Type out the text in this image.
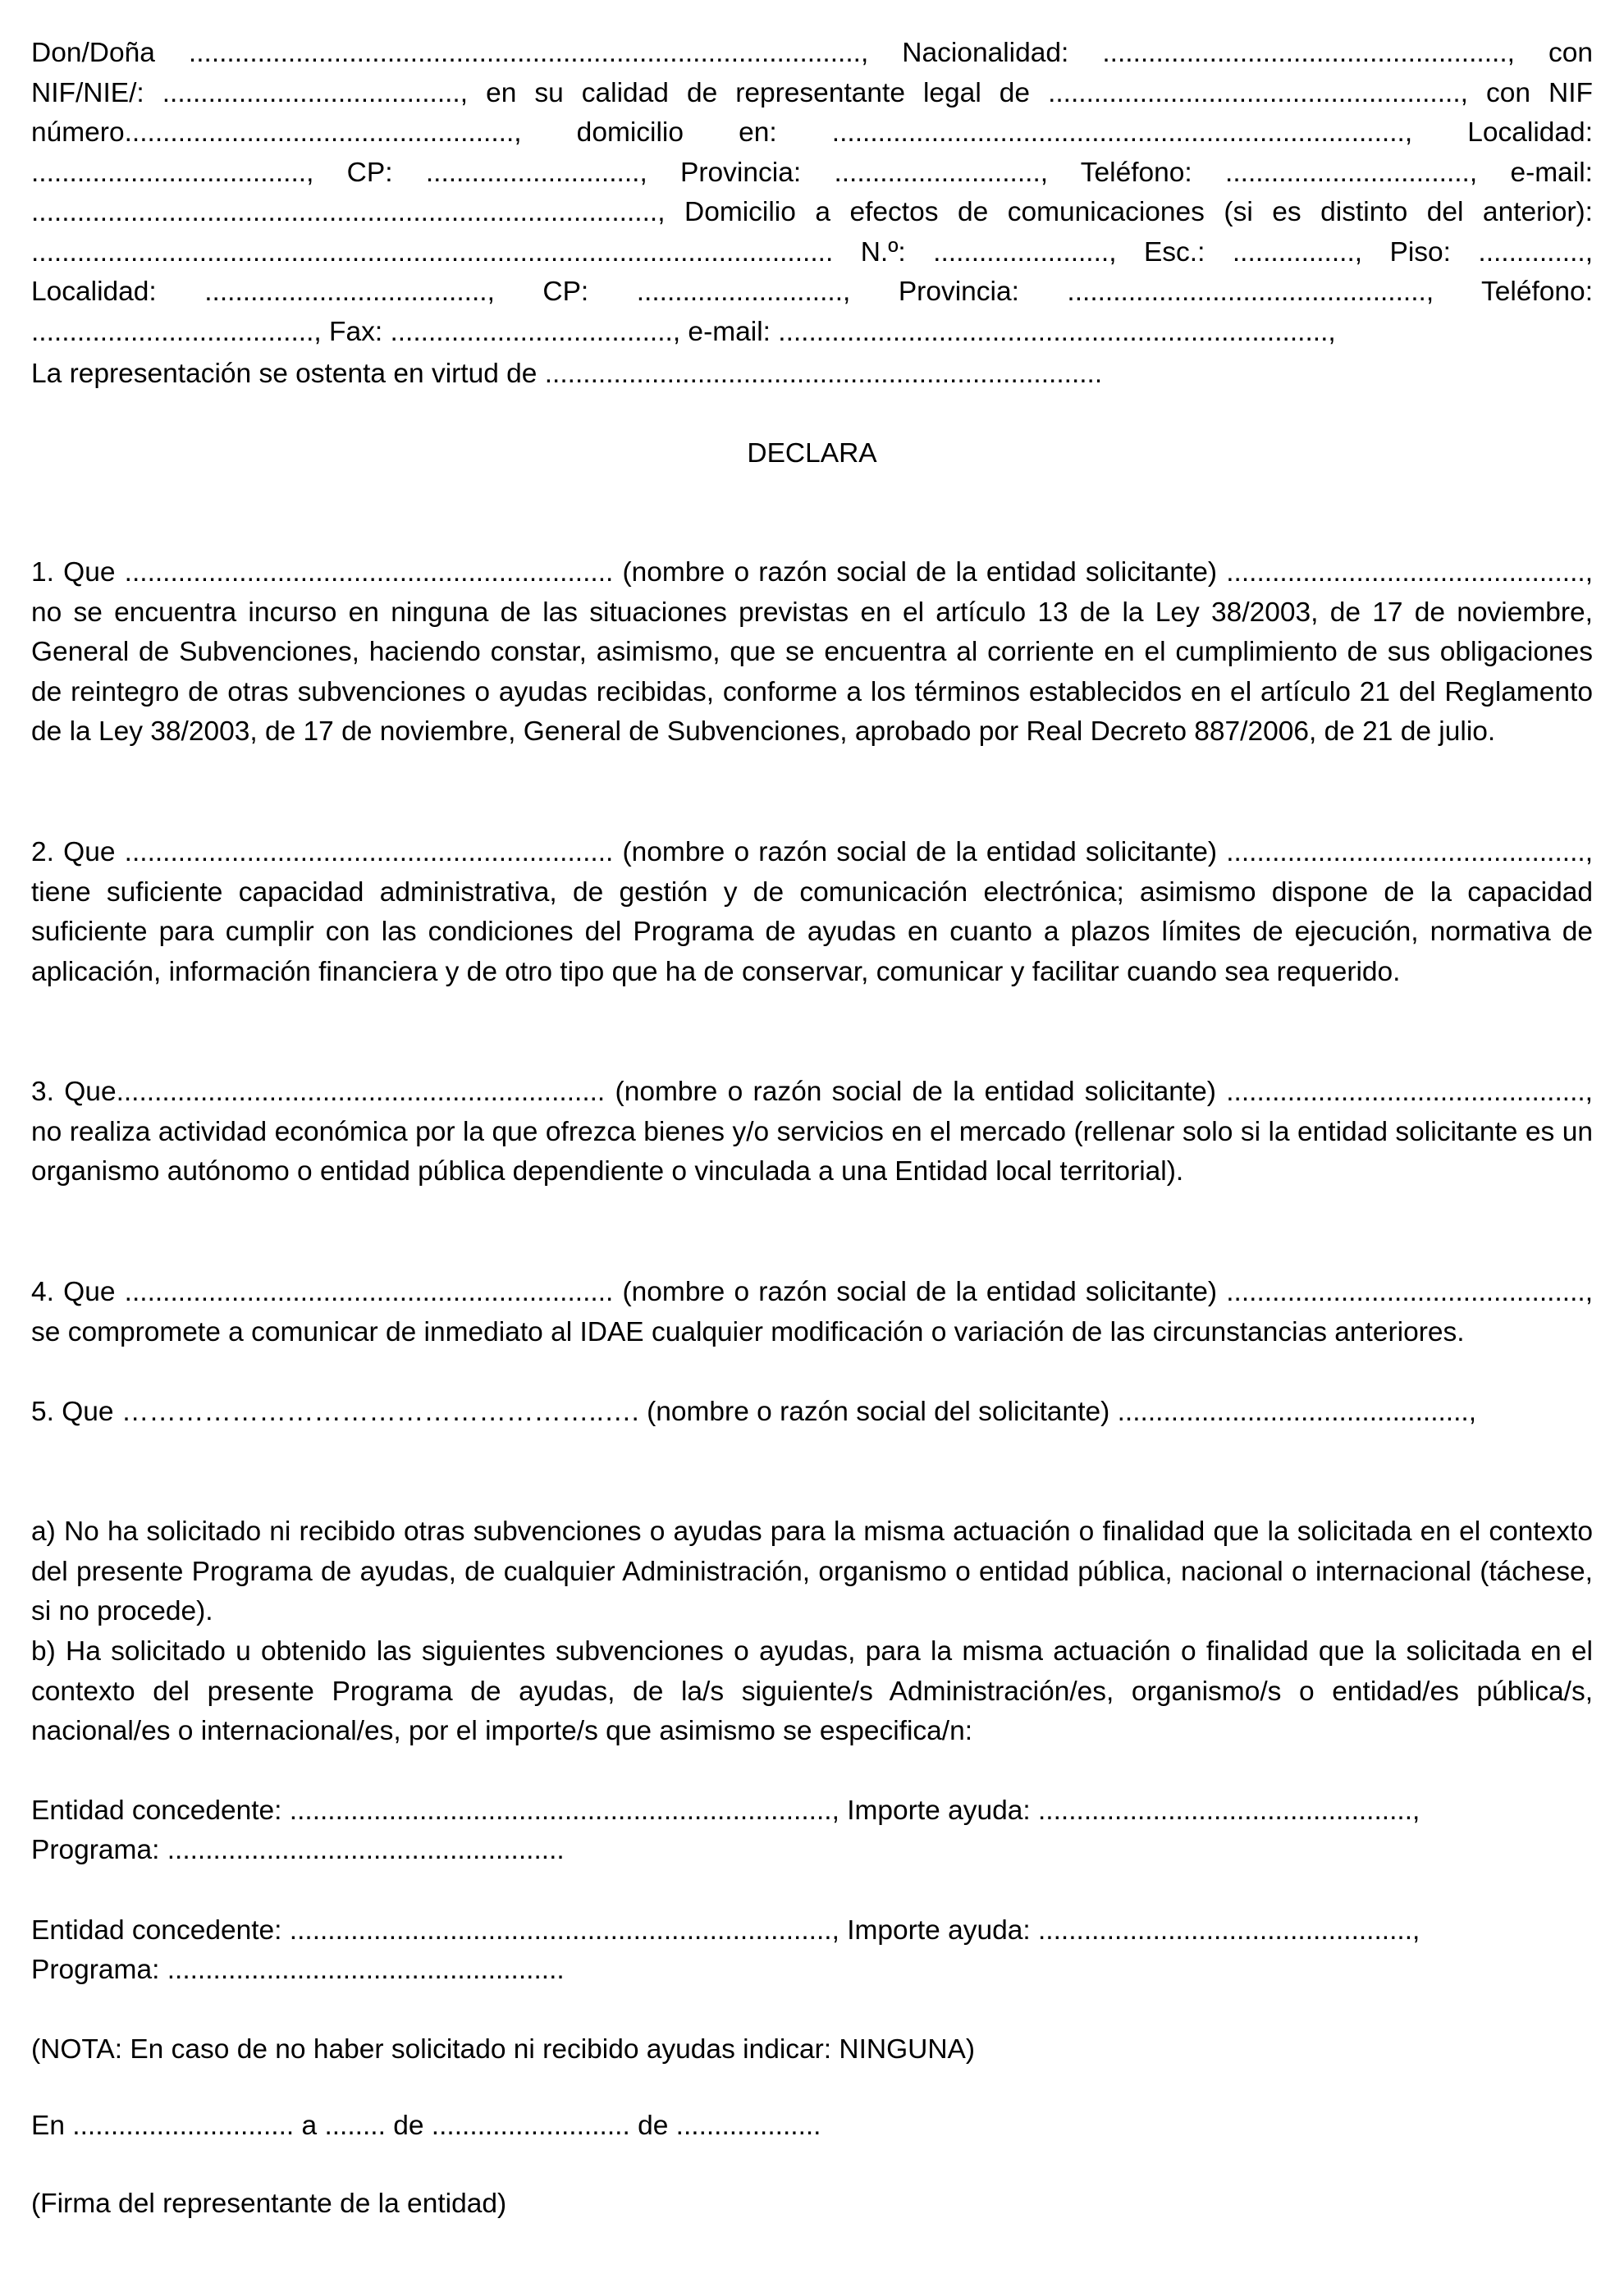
Don/Doña ........................................................................................, Nacionalidad: ....................................................., con NIF/NIE/: ......................................., en su calidad de representante legal de ......................................................, con NIF número..................................................., domicilio en: ..........................................................................., Localidad: ...................................., CP: ............................, Provincia: ..........................., Teléfono: ................................, e-mail: .................................................................................., Domicilio a efectos de comunicaciones (si es distinto del anterior): ......................................................................................................... N.º: ......................., Esc.: ................, Piso: .............., Localidad: ....................................., CP: ..........................., Provincia: ..............................................., Teléfono: ....................................., Fax: ....................................., e-mail: ........................................................................,

La representación se ostenta en virtud de .........................................................................

DECLARA

1. Que ................................................................ (nombre o razón social de la entidad solicitante) ..............................................., no se encuentra incurso en ninguna de las situaciones previstas en el artículo 13 de la Ley 38/2003, de 17 de noviembre, General de Subvenciones, haciendo constar, asimismo, que se encuentra al corriente en el cumplimiento de sus obligaciones de reintegro de otras subvenciones o ayudas recibidas, conforme a los términos establecidos en el artículo 21 del Reglamento de la Ley 38/2003, de 17 de noviembre, General de Subvenciones, aprobado por Real Decreto 887/2006, de 21 de julio.

2. Que ................................................................ (nombre o razón social de la entidad solicitante) ..............................................., tiene suficiente capacidad administrativa, de gestión y de comunicación electrónica; asimismo dispone de la capacidad suficiente para cumplir con las condiciones del Programa de ayudas en cuanto a plazos límites de ejecución, normativa de aplicación, información financiera y de otro tipo que ha de conservar, comunicar y facilitar cuando sea requerido.

3. Que................................................................ (nombre o razón social de la entidad solicitante) ..............................................., no realiza actividad económica por la que ofrezca bienes y/o servicios en el mercado (rellenar solo si la entidad solicitante es un organismo autónomo o entidad pública dependiente o vinculada a una Entidad local territorial).

4. Que ................................................................ (nombre o razón social de la entidad solicitante) ..............................................., se compromete a comunicar de inmediato al IDAE cualquier modificación o variación de las circunstancias anteriores.

5. Que ……………………………………………..…. (nombre o razón social del solicitante) ..............................................,

a) No ha solicitado ni recibido otras subvenciones o ayudas para la misma actuación o finalidad que la solicitada en el contexto del presente Programa de ayudas, de cualquier Administración, organismo o entidad pública, nacional o internacional (táchese, si no procede).

b) Ha solicitado u obtenido las siguientes subvenciones o ayudas, para la misma actuación o finalidad que la solicitada en el contexto del presente Programa de ayudas, de la/s siguiente/s Administración/es, organismo/s o entidad/es pública/s, nacional/es o internacional/es, por el importe/s que asimismo se especifica/n:

Entidad concedente: ......................................................................., Importe ayuda: .................................................,

Programa: ....................................................

Entidad concedente: ......................................................................., Importe ayuda: .................................................,

Programa: ....................................................

(NOTA: En caso de no haber solicitado ni recibido ayudas indicar: NINGUNA)

En ............................. a ........ de .......................... de ...................

(Firma del representante de la entidad)
